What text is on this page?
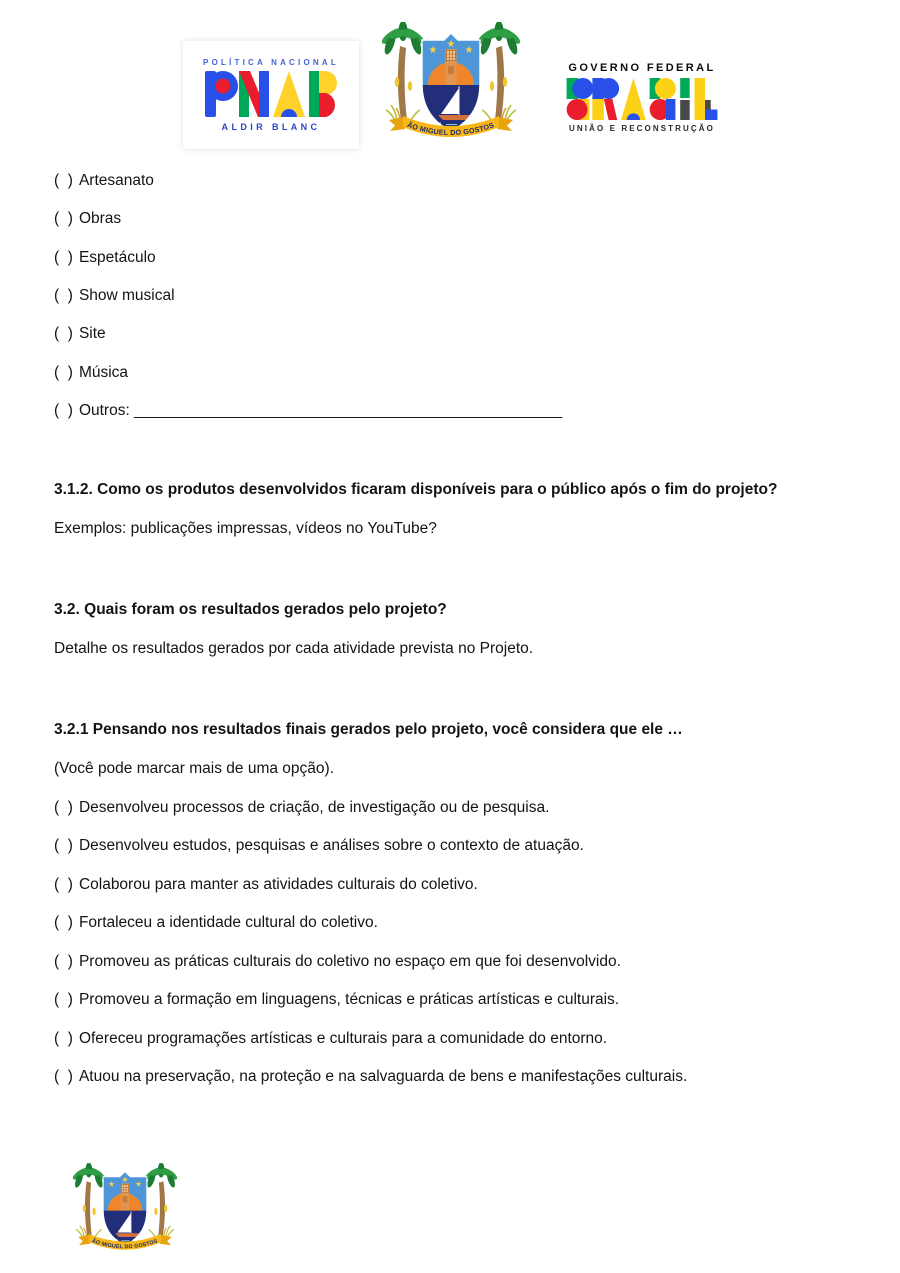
POLÍTICA NACIONAL
ALDIR BLANC
GOVERNO FEDERAL
UNIÃO E RECONSTRUÇÃO
(  ) Artesanato
(  ) Obras
(  ) Espetáculo
(  ) Show musical
(  ) Site
(  ) Música
(  ) Outros: ________________________________________________
3.1.2. Como os produtos desenvolvidos ficaram disponíveis para o público após o fim do projeto?
Exemplos: publicações impressas, vídeos no YouTube?
3.2. Quais foram os resultados gerados pelo projeto?
Detalhe os resultados gerados por cada atividade prevista no Projeto.
3.2.1 Pensando nos resultados finais gerados pelo projeto, você considera que ele …
(Você pode marcar mais de uma opção).
(  ) Desenvolveu processos de criação, de investigação ou de pesquisa.
(  ) Desenvolveu estudos, pesquisas e análises sobre o contexto de atuação.
(  ) Colaborou para manter as atividades culturais do coletivo.
(  ) Fortaleceu a identidade cultural do coletivo.
(  ) Promoveu as práticas culturais do coletivo no espaço em que foi desenvolvido.
(  ) Promoveu a formação em linguagens, técnicas e práticas artísticas e culturais.
(  ) Ofereceu programações artísticas e culturais para a comunidade do entorno.
(  ) Atuou na preservação, na proteção e na salvaguarda de bens e manifestações culturais.
